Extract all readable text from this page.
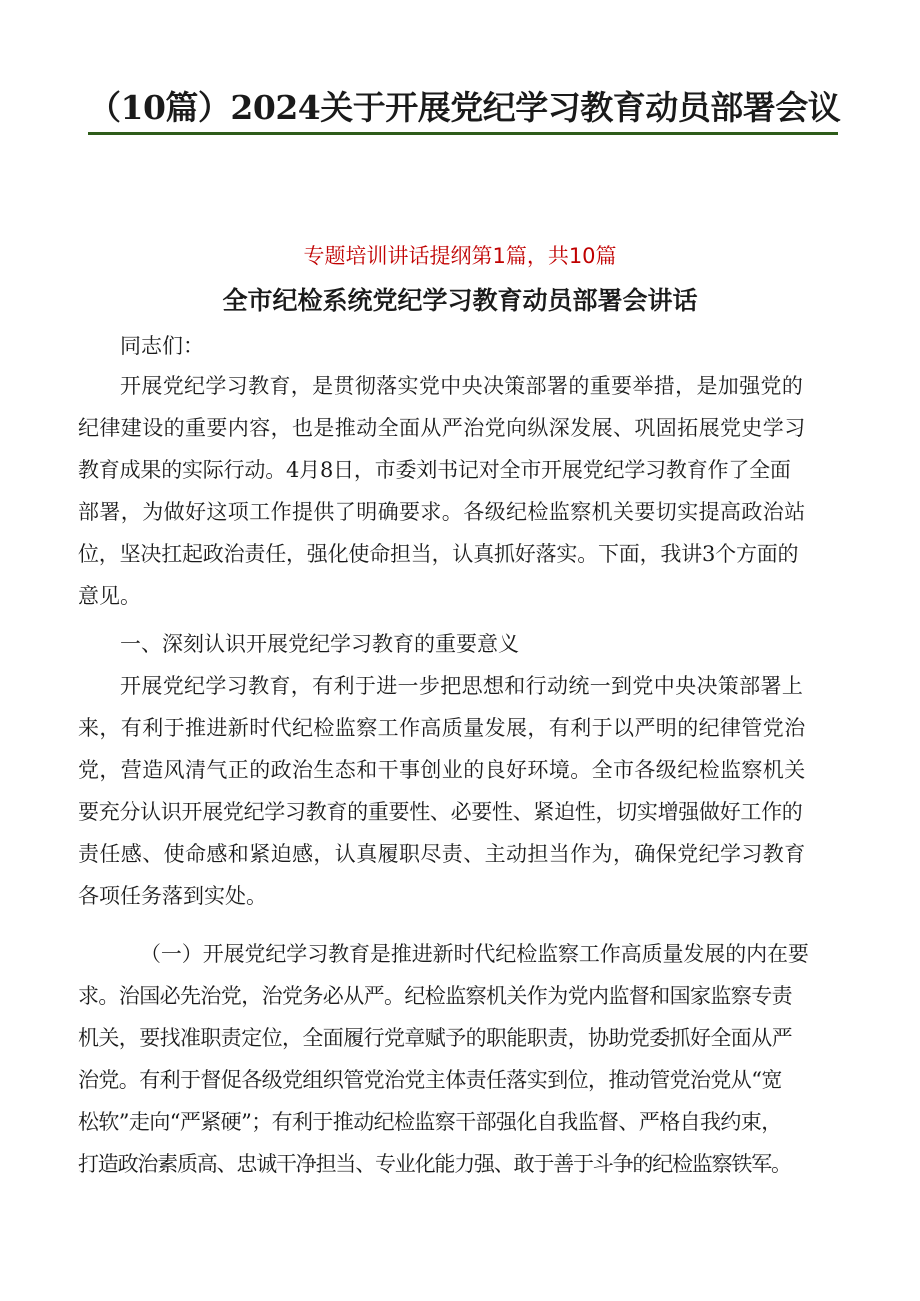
（10篇）2024关于开展党纪学习教育动员部署会议
专题培训讲话提纲第1篇，共10篇
全市纪检系统党纪学习教育动员部署会讲话
同志们：
开展党纪学习教育，是贯彻落实党中央决策部署的重要举措，是加强党的
纪律建设的重要内容，也是推动全面从严治党向纵深发展、巩固拓展党史学习
教育成果的实际行动。4月8日，市委刘书记对全市开展党纪学习教育作了全面
部署，为做好这项工作提供了明确要求。各级纪检监察机关要切实提高政治站
位，坚决扛起政治责任，强化使命担当，认真抓好落实。下面，我讲3个方面的
意见。
一、深刻认识开展党纪学习教育的重要意义
开展党纪学习教育，有利于进一步把思想和行动统一到党中央决策部署上
来，有利于推进新时代纪检监察工作高质量发展，有利于以严明的纪律管党治
党，营造风清气正的政治生态和干事创业的良好环境。全市各级纪检监察机关
要充分认识开展党纪学习教育的重要性、必要性、紧迫性，切实增强做好工作的
责任感、使命感和紧迫感，认真履职尽责、主动担当作为，确保党纪学习教育
各项任务落到实处。
（一）开展党纪学习教育是推进新时代纪检监察工作高质量发展的内在要
求。治国必先治党，治党务必从严。纪检监察机关作为党内监督和国家监察专责
机关，要找准职责定位，全面履行党章赋予的职能职责，协助党委抓好全面从严
治党。有利于督促各级党组织管党治党主体责任落实到位，推动管党治党从“宽
松软”走向“严紧硬”；有利于推动纪检监察干部强化自我监督、严格自我约束，
打造政治素质高、忠诚干净担当、专业化能力强、敢于善于斗争的纪检监察铁军。
